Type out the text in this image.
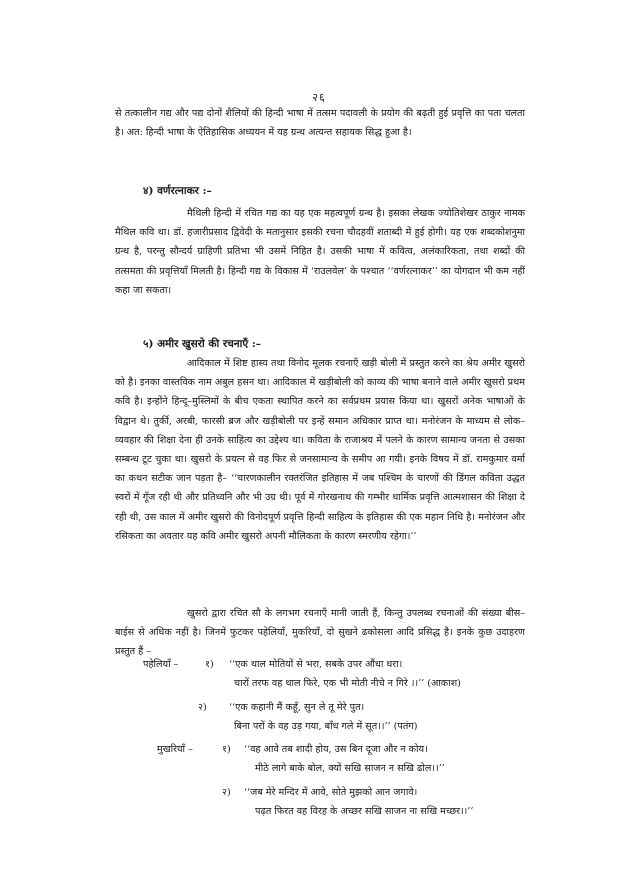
२६

से तत्कालीन गद्य और पद्य दोनों शैलियों की हिन्दी भाषा में तत्सम पदावली के प्रयोग की बढ़ती हुई प्रवृत्ति का पता चलता है। अत: हिन्दी भाषा के ऐतिहासिक अध्ययन में यह ग्रन्थ अत्यन्त सहायक सिद्ध हुआ है।

४) वर्णरत्नाकर :–

मैथिली हिन्दी में रचित गद्य का यह एक महत्वपूर्ण ग्रन्थ है। इसका लेखक ज्योतिशेखर ठाकुर नामक मैथिल कवि था। डॉ. हजारीप्रसाद द्विवेदी के मतानुसार इसकी रचना चौदहवीं शताब्दी में हुई होगी। यह एक शब्दकोशनुमा ग्रन्थ है, परन्तु सौन्दर्य ग्राहिणी प्रतिभा भी उसमें निहित है। उसकी भाषा में कवित्व, अलंकारिकता, तथा शब्दों की तत्समता की प्रवृत्तियाँ मिलती है। हिन्दी गद्य के विकास में ‘राउलवेल’ के पश्चात ‘‘वर्णरत्नाकर’’ का योगदान भी कम नहीं कहा जा सकता।

५) अमीर खुसरो की रचनाएँ :–

आदिकाल में शिष्ट हास्य तथा विनोद मूलक रचनाएँ खड़ी बोली में प्रस्तुत करने का श्रेय अमीर खुसरो को है। इनका वास्तविक नाम अबुल हसन था। आदिकाल में खड़ीबोली को काव्य की भाषा बनाने वाले अमीर खुसरो प्रथम कवि है। इन्होंने हिन्दू–मुस्लिमों के बीच एकता स्थापित करने का सर्वप्रथम प्रयास किया था। खुसरों अनेक भाषाओं के विद्वान थे। तुर्की, अरबी, फारसी ब्रज और खड़ीबोली पर इन्हें समान अधिकार प्राप्त था। मनोरंजन के माध्यम से लोक–व्यवहार की शिक्षा देना ही उनके साहित्य का उद्देश्य था। कविता के राजाश्रय में पलने के कारण सामान्य जनता से उसका सम्बन्ध टूट चुका था। खुसरो के प्रयत्न से वह फिर से जनसामान्य के समीप आ गयी। इनके विषय में डॉ. रामकुमार वर्मा का कथन सटीक जान पड़ता है– ‘‘चारणकालीन रक्तरंजित इतिहास में जब पश्चिम के चारणों की डिंगल कविता उद्धत स्वरों में गूँज रही थी और प्रतिध्वनि और भी उग्र थी। पूर्व में गोरखनाथ की गम्भीर धार्मिक प्रवृत्ति आत्मशासन की शिक्षा दे रही थी, उस काल में अमीर खुसरो की विनोदपूर्ण प्रवृत्ति हिन्दी साहित्य के इतिहास की एक महान निधि है। मनोरंजन और रसिकता का अवतार यह कवि अमीर खुसरो अपनी मौलिकता के कारण स्मरणीय रहेगा।’’

खुसरो द्वारा रचित सौ के लगभग रचनाएँ मानी जाती हैं, किन्तु उपलब्ध रचनाओं की संख्या बीस–बाईस से अधिक नहीं है। जिनमें फुटकर पहेलियाँ, मुकरियाँ, दो सुखने ढकोसला आदि प्रसिद्ध है। इनके कुछ उदाहरण प्रस्तुत हैं –

पहेलियाँ –	१) ‘‘एक थाल मोतियों से भरा, सबके उपर औंधा धरा।
चारों तरफ वह थाल फिरे, एक भी मोती नीचे न गिरे ।।’’ (आकाश)
२) ‘‘एक कहानी मैं कहूँ, सुन ले तू मेरे पुत।
बिना परों के वह उड़ गया, बाँध गले में सूत।।’’ (पतंग)
मुखरियाँ –	१) ‘‘वह आवे तब शादी होय, उस बिन दूजा और न कोय।
मीठे लागे बाके बोल, क्यों सखि साजन न सखि ढोल।।’’
२) ‘‘जब मेरे मन्दिर में आवे, सोते मुझको आन जगावे।
पढ़त फिरत वह विरह के अच्छर सखि साजन ना सखि मच्छर।।’’
